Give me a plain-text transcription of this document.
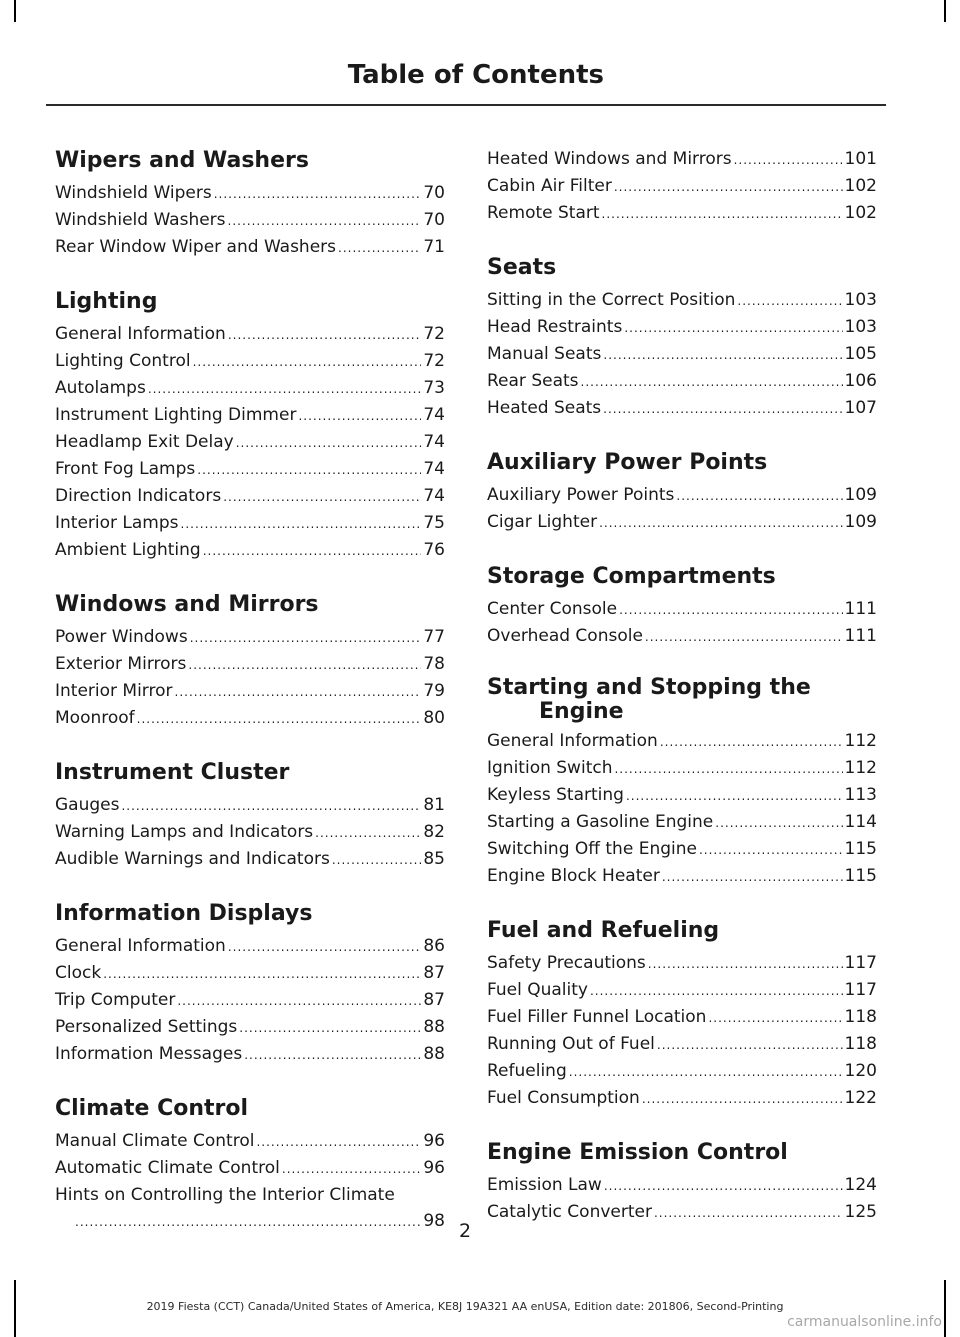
Table of Contents
Wipers and Washers
Windshield Wipers .....	70
Windshield Washers .....	70
Rear Window Wiper and Washers .....	71
Lighting
General Information .....	72
Lighting Control .....	72
Autolamps .....	73
Instrument Lighting Dimmer .....	74
Headlamp Exit Delay .....	74
Front Fog Lamps .....	74
Direction Indicators .....	74
Interior Lamps .....	75
Ambient Lighting .....	76
Windows and Mirrors
Power Windows .....	77
Exterior Mirrors .....	78
Interior Mirror .....	79
Moonroof .....	80
Instrument Cluster
Gauges .....	81
Warning Lamps and Indicators .....	82
Audible Warnings and Indicators .....	85
Information Displays
General Information .....	86
Clock .....	87
Trip Computer .....	87
Personalized Settings .....	88
Information Messages .....	88
Climate Control
Manual Climate Control .....	96
Automatic Climate Control .....	96
Hints on Controlling the Interior Climate
.....
98
Heated Windows and Mirrors .....	101
Cabin Air Filter .....	102
Remote Start .....	102
Seats
Sitting in the Correct Position .....	103
Head Restraints .....	103
Manual Seats .....	105
Rear Seats .....	106
Heated Seats .....	107
Auxiliary Power Points
Auxiliary Power Points .....	109
Cigar Lighter .....	109
Storage Compartments
Center Console .....	111
Overhead Console .....	111
Starting and Stopping the
Engine
General Information .....	112
Ignition Switch .....	112
Keyless Starting .....	113
Starting a Gasoline Engine .....	114
Switching Off the Engine .....	115
Engine Block Heater .....	115
Fuel and Refueling
Safety Precautions .....	117
Fuel Quality .....	117
Fuel Filler Funnel Location .....	118
Running Out of Fuel .....	118
Refueling .....	120
Fuel Consumption .....	122
Engine Emission Control
Emission Law .....	124
Catalytic Converter .....	125
2
2019 Fiesta (CCT) Canada/United States of America, KE8J 19A321 AA enUSA, Edition date: 201806, Second-Printing
carmanualsonline.info
